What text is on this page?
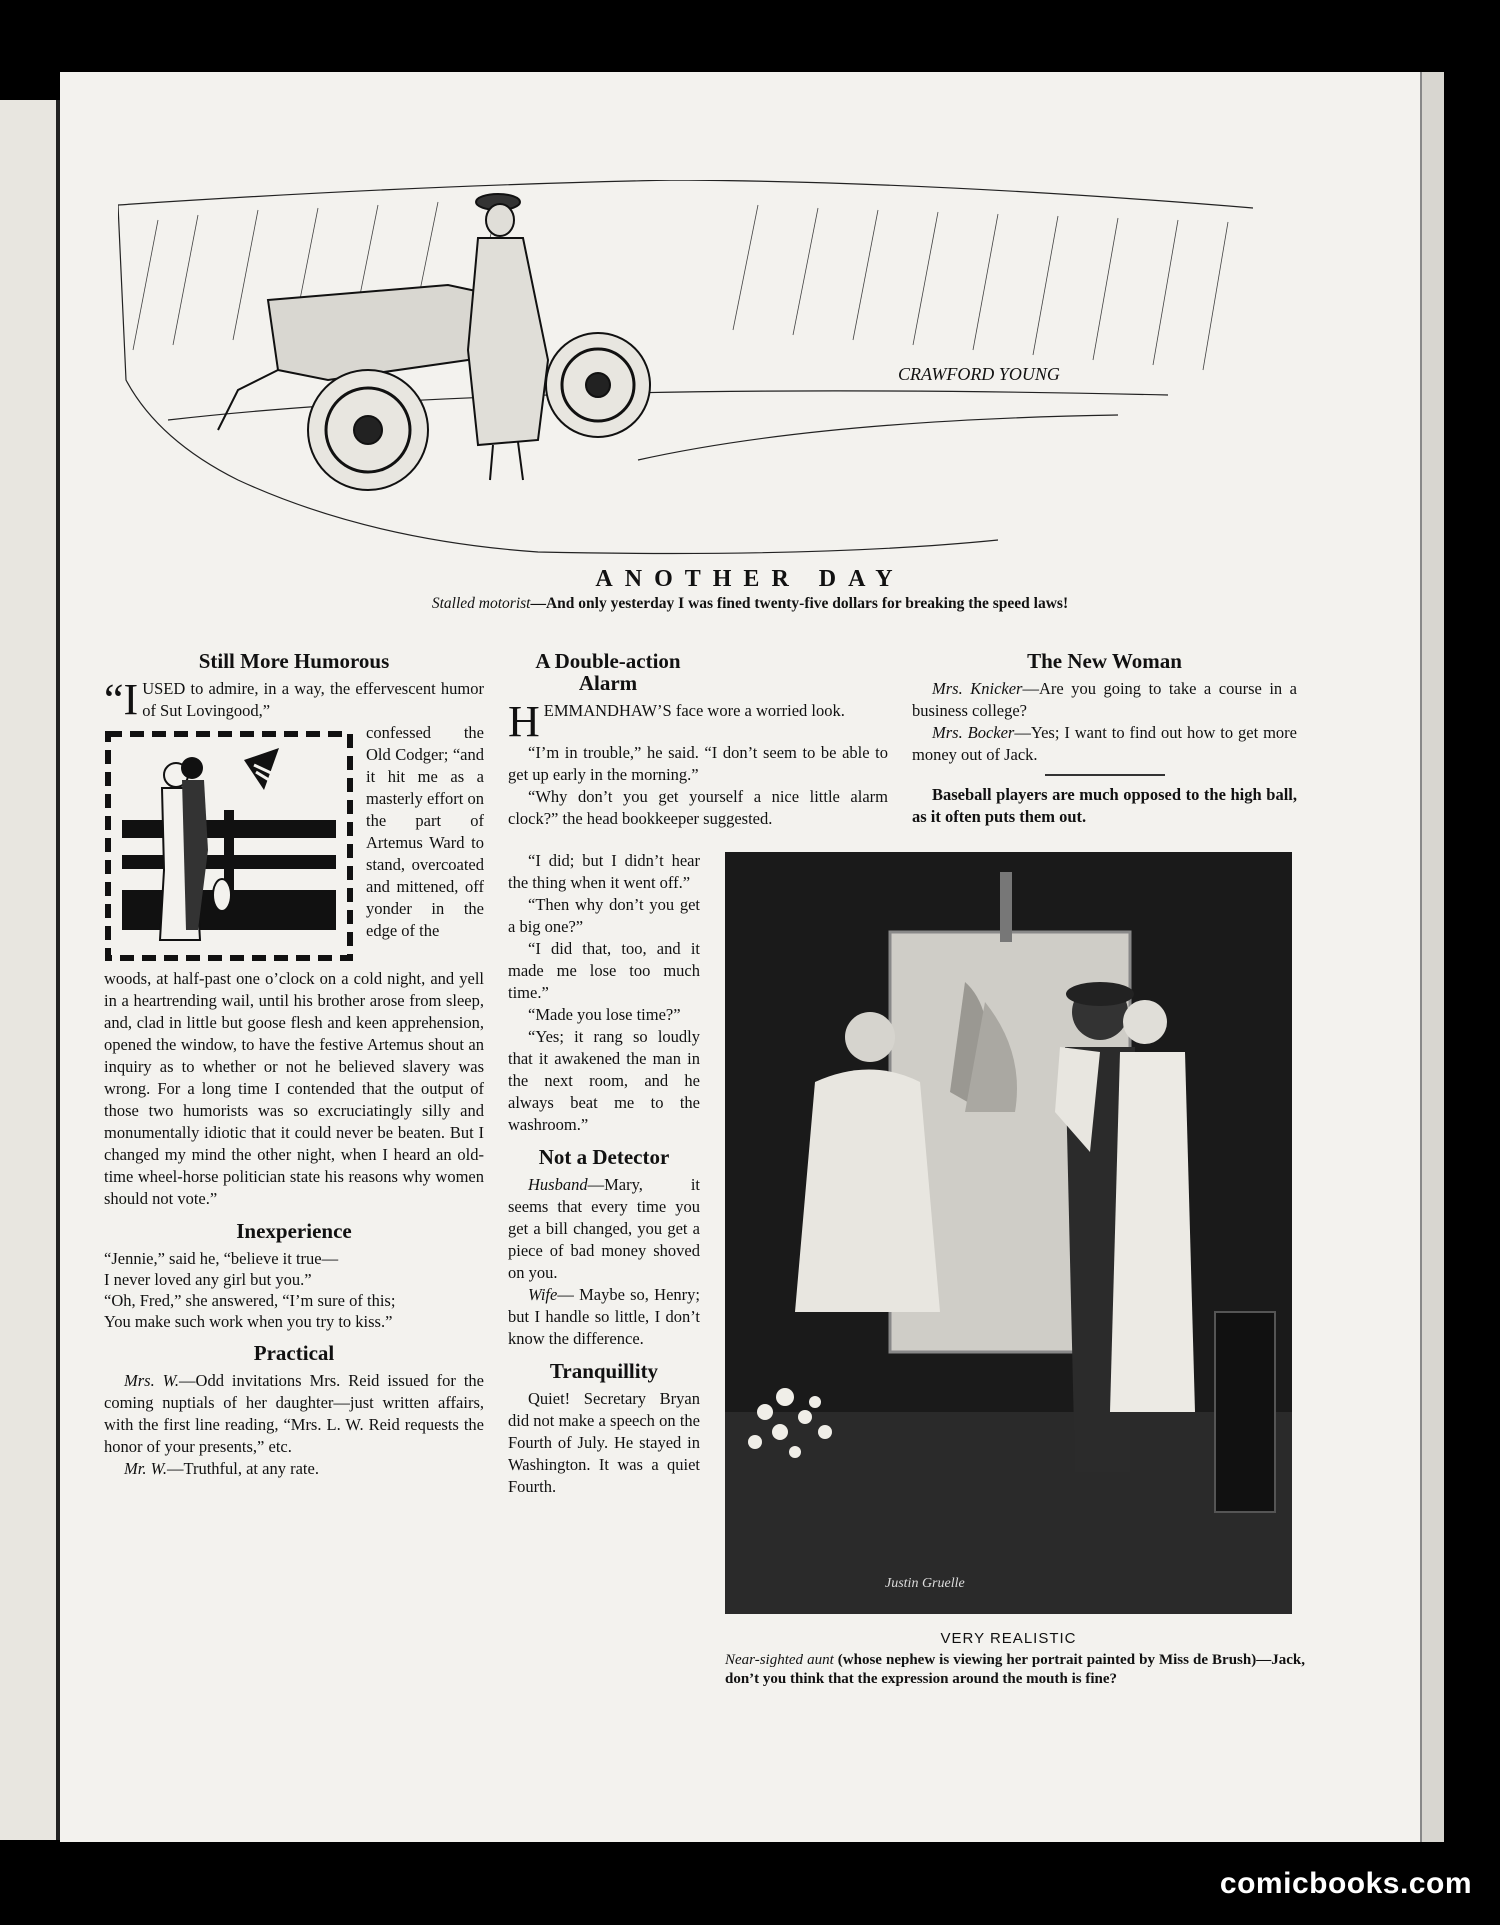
CRAWFORD YOUNG
ANOTHER DAY
Stalled motorist—And only yesterday I was fined twenty-five dollars for breaking the speed laws!
Still More Humorous
“I USED to admire, in a way, the effervescent humor of Sut Lovingood,”
confessed the Old Codger; “and it hit me as a masterly effort on the part of Artemus Ward to stand, overcoated and mittened, off yonder in the edge of the
woods, at half-past one o’clock on a cold night, and yell in a heartrending wail, until his brother arose from sleep, and, clad in little but goose flesh and keen apprehension, opened the window, to have the festive Artemus shout an inquiry as to whether or not he believed slavery was wrong. For a long time I contended that the output of those two humorists was so excruciatingly silly and monumentally idiotic that it could never be beaten. But I changed my mind the other night, when I heard an old-time wheel-horse politician state his reasons why women should not vote.”
Inexperience
“Jennie,” said he, “believe it true—
I never loved any girl but you.”
“Oh, Fred,” she answered, “I’m sure of this;
You make such work when you try to kiss.”
Practical

Mrs. W.—Odd invitations Mrs. Reid issued for the coming nuptials of her daughter—just written affairs, with the first line reading, “Mrs. L. W. Reid requests the honor of your presents,” etc.

Mr. W.—Truthful, at any rate.

A Double-action Alarm
HEMMANDHAW’S face wore a worried look.

“I’m in trouble,” he said. “I don’t seem to be able to get up early in the morning.”

“Why don’t you get yourself a nice little alarm clock?” the head bookkeeper suggested.

“I did; but I didn’t hear the thing when it went off.”

“Then why don’t you get a big one?”

“I did that, too, and it made me lose too much time.”

“Made you lose time?”

“Yes; it rang so loudly that it awakened the man in the next room, and he always beat me to the washroom.”

Not a Detector

Husband—Mary, it seems that every time you get a bill changed, you get a piece of bad money shoved on you.

Wife— Maybe so, Henry; but I handle so little, I don’t know the difference.

Tranquillity

Quiet! Secretary Bryan did not make a speech on the Fourth of July. He stayed in Washington. It was a quiet Fourth.

The New Woman

Mrs. Knicker—Are you going to take a course in a business college?

Mrs. Bocker—Yes; I want to find out how to get more money out of Jack.

Baseball players are much opposed to the high ball, as it often puts them out.

Justin Gruelle
VERY REALISTIC
Near-sighted aunt (whose nephew is viewing her portrait painted by Miss de Brush)—Jack, don’t you think that the expression around the mouth is fine?
comicbooks.com
